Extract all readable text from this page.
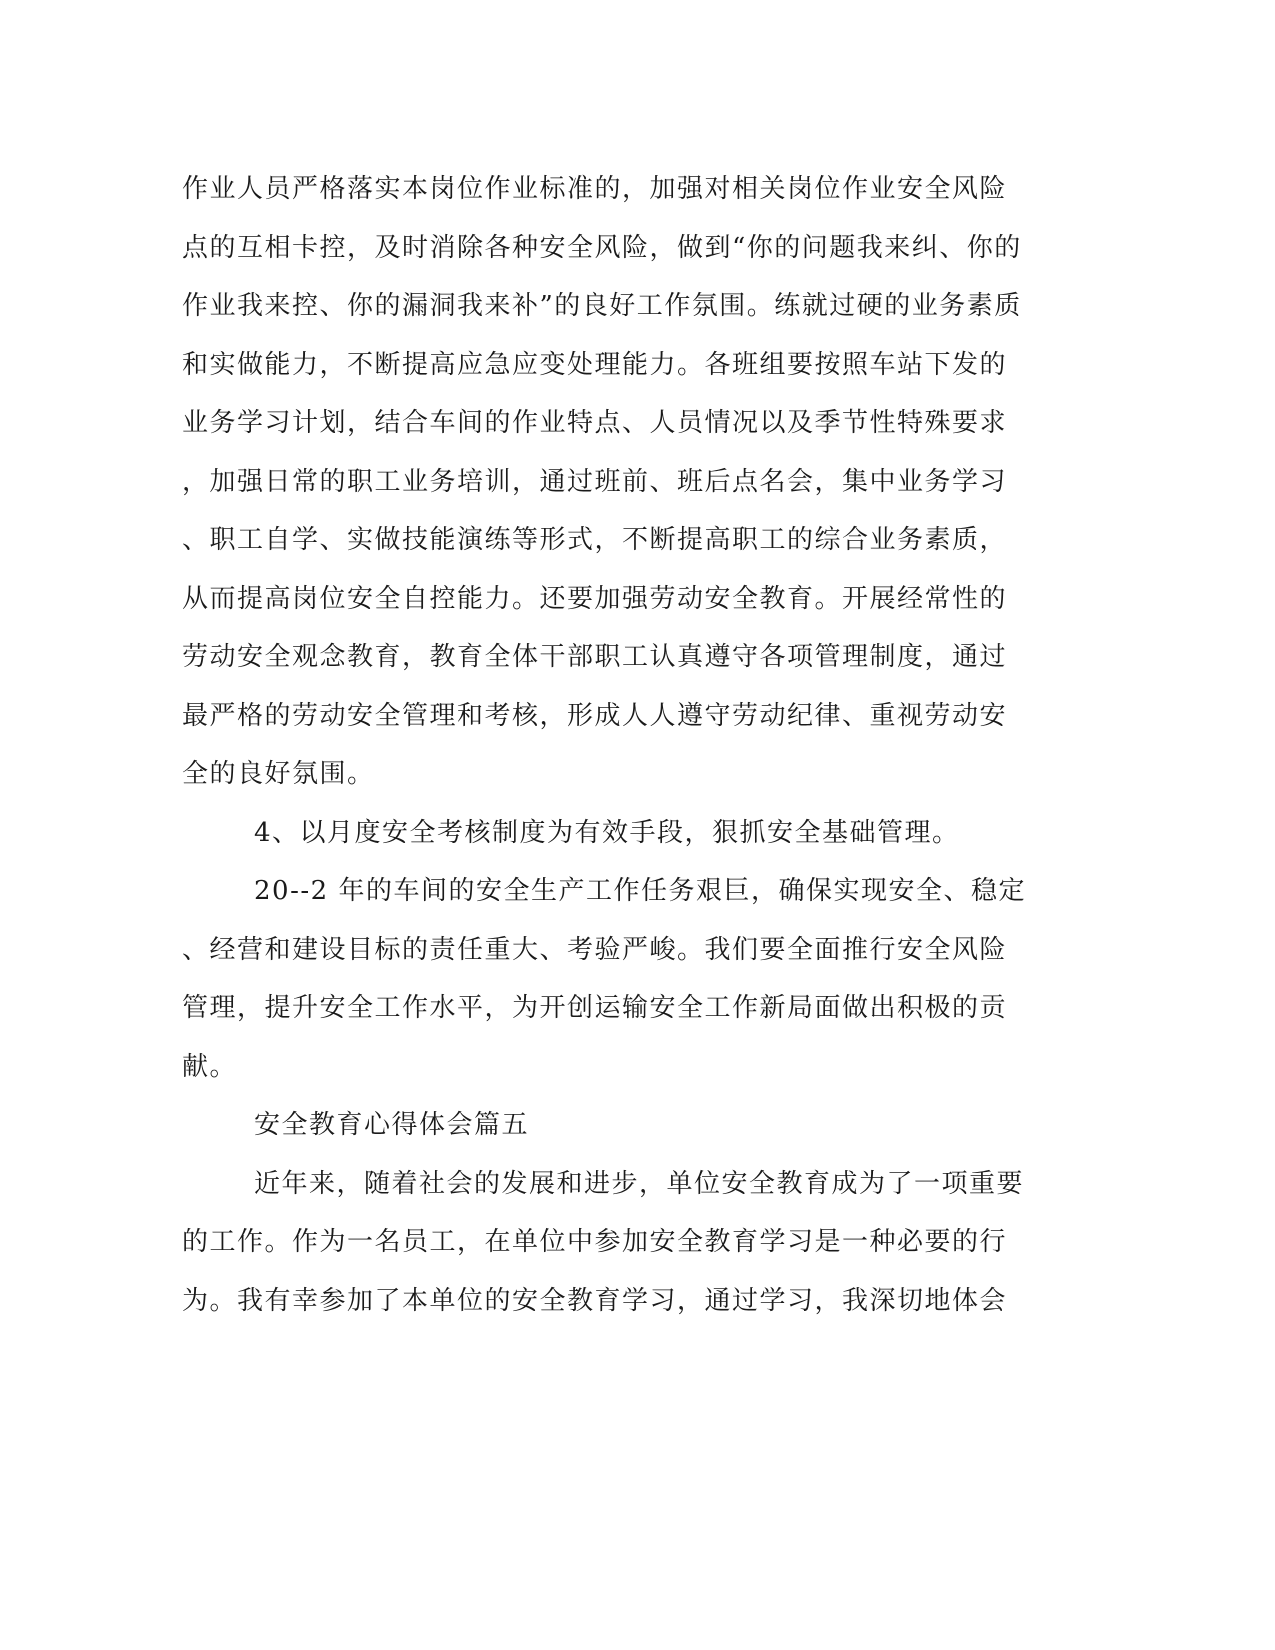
作业人员严格落实本岗位作业标准的，加强对相关岗位作业安全风险
点的互相卡控，及时消除各种安全风险，做到“你的问题我来纠、你的
作业我来控、你的漏洞我来补”的良好工作氛围。练就过硬的业务素质
和实做能力，不断提高应急应变处理能力。各班组要按照车站下发的
业务学习计划，结合车间的作业特点、人员情况以及季节性特殊要求
，加强日常的职工业务培训，通过班前、班后点名会，集中业务学习
、职工自学、实做技能演练等形式，不断提高职工的综合业务素质，
从而提高岗位安全自控能力。还要加强劳动安全教育。开展经常性的
劳动安全观念教育，教育全体干部职工认真遵守各项管理制度，通过
最严格的劳动安全管理和考核，形成人人遵守劳动纪律、重视劳动安
全的良好氛围。
4、以月度安全考核制度为有效手段，狠抓安全基础管理。
20--2 年的车间的安全生产工作任务艰巨，确保实现安全、稳定
、经营和建设目标的责任重大、考验严峻。我们要全面推行安全风险
管理，提升安全工作水平，为开创运输安全工作新局面做出积极的贡
献。
安全教育心得体会篇五
近年来，随着社会的发展和进步，单位安全教育成为了一项重要
的工作。作为一名员工，在单位中参加安全教育学习是一种必要的行
为。我有幸参加了本单位的安全教育学习，通过学习，我深切地体会
